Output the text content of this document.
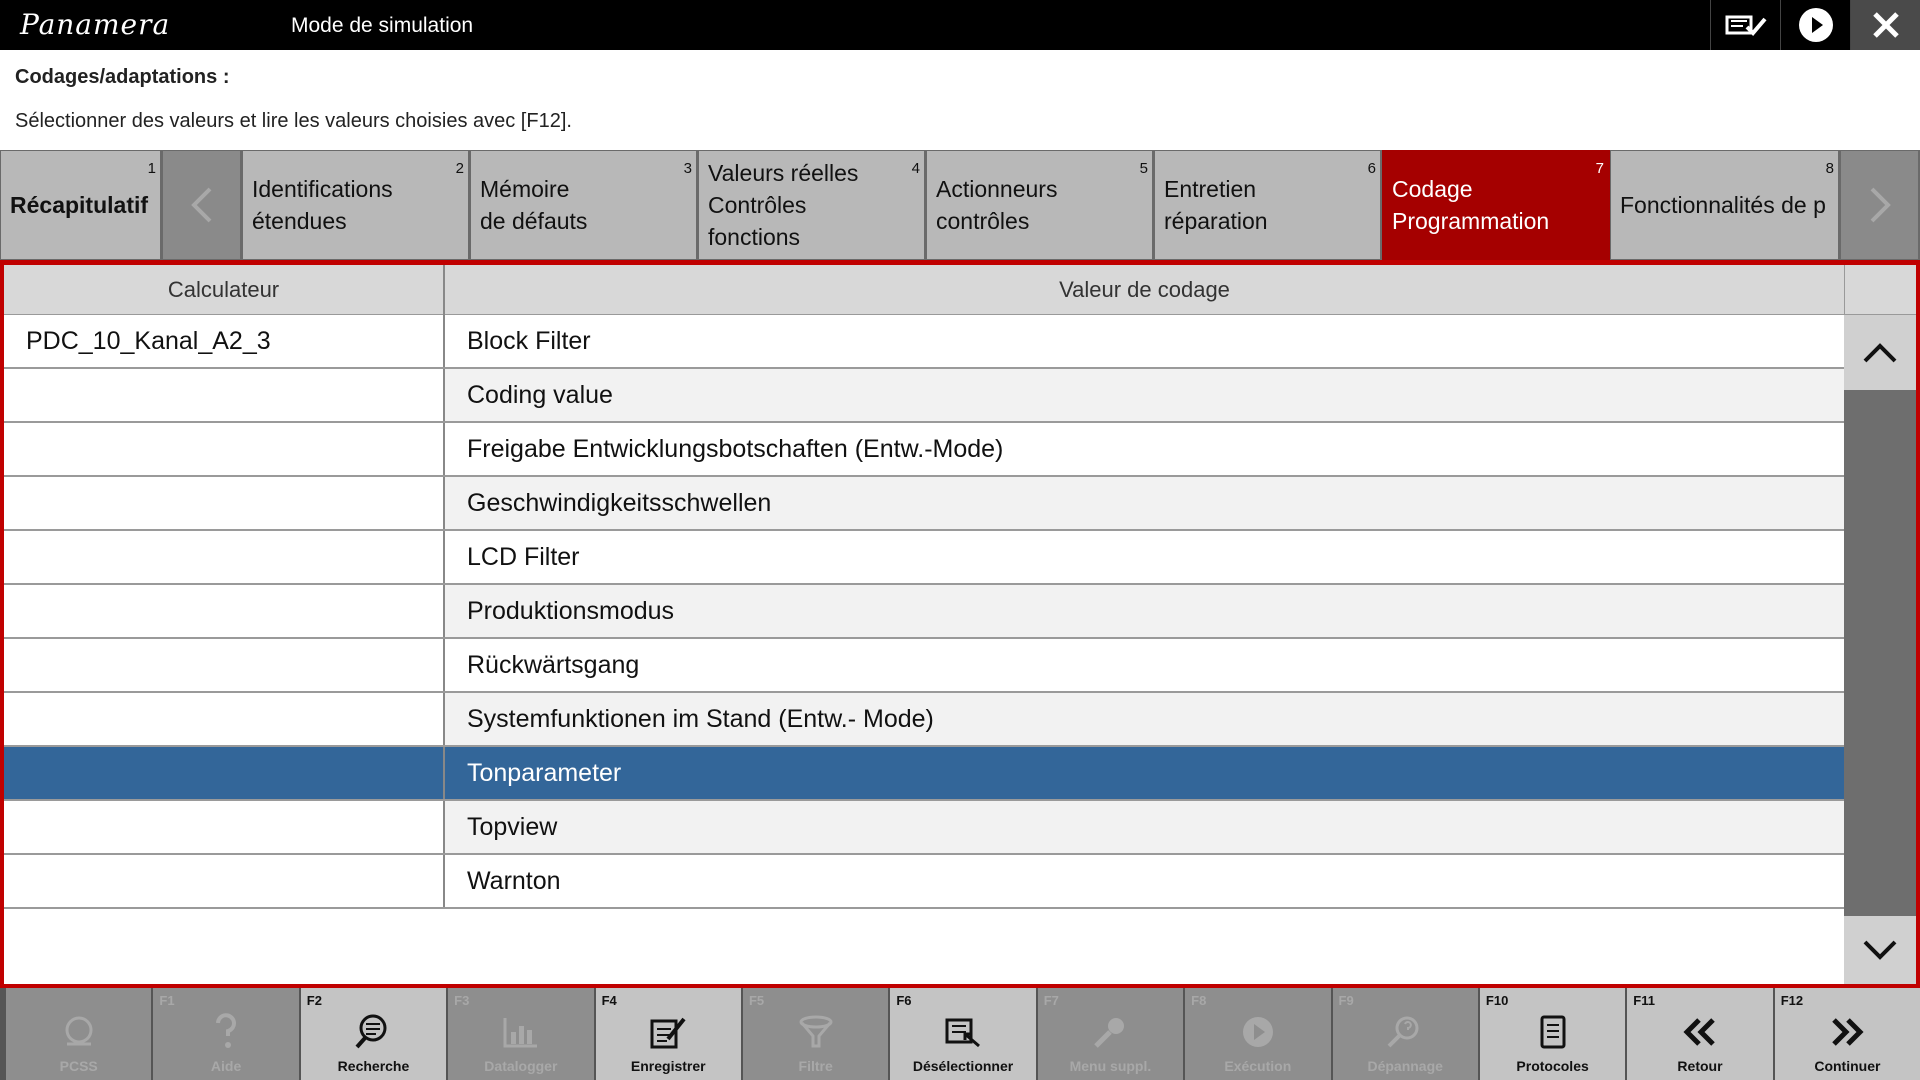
Panamera	Mode de simulation
Codages/adaptations :
Sélectionner des valeurs et lire les valeurs choisies avec [F12].
1
Récapitulatif
2
Identifications
étendues
3
Mémoire
de défauts
4
Valeurs réelles
Contrôles
fonctions
5
Actionneurs
contrôles
6
Entretien
réparation
7
Codage
Programmation
8
Fonctionnalités de p
Calculateur	Valeur de codage
PDC_10_Kanal_A2_3	Block Filter
Coding value
Freigabe Entwicklungsbotschaften (Entw.-Mode)
Geschwindigkeitsschwellen
LCD Filter
Produktionsmodus
Rückwärtsgang
Systemfunktionen im Stand (Entw.- Mode)
Tonparameter
Topview
Warnton
PCSS
F1
Aide
F2
Recherche
F3
Datalogger
F4
Enregistrer
F5
Filtre
F6
Désélectionner
F7
Menu suppl.
F8
Exécution
F9
Dépannage
F10
Protocoles
F11
Retour
F12
Continuer
